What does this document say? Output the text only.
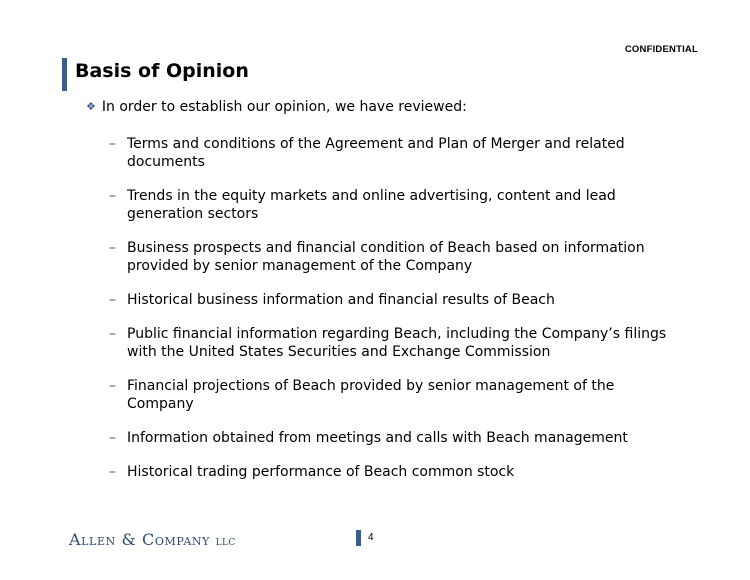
CONFIDENTIAL
Basis of Opinion
❖ In order to establish our opinion, we have reviewed:
– Terms and conditions of the Agreement and Plan of Merger and related documents
– Trends in the equity markets and online advertising, content and lead generation sectors
– Business prospects and financial condition of Beach based on information provided by senior management of the Company
– Historical business information and financial results of Beach
– Public financial information regarding Beach, including the Company’s filings with the United States Securities and Exchange Commission
– Financial projections of Beach provided by senior management of the Company
– Information obtained from meetings and calls with Beach management
– Historical trading performance of Beach common stock
Allen & Company LLC	4
